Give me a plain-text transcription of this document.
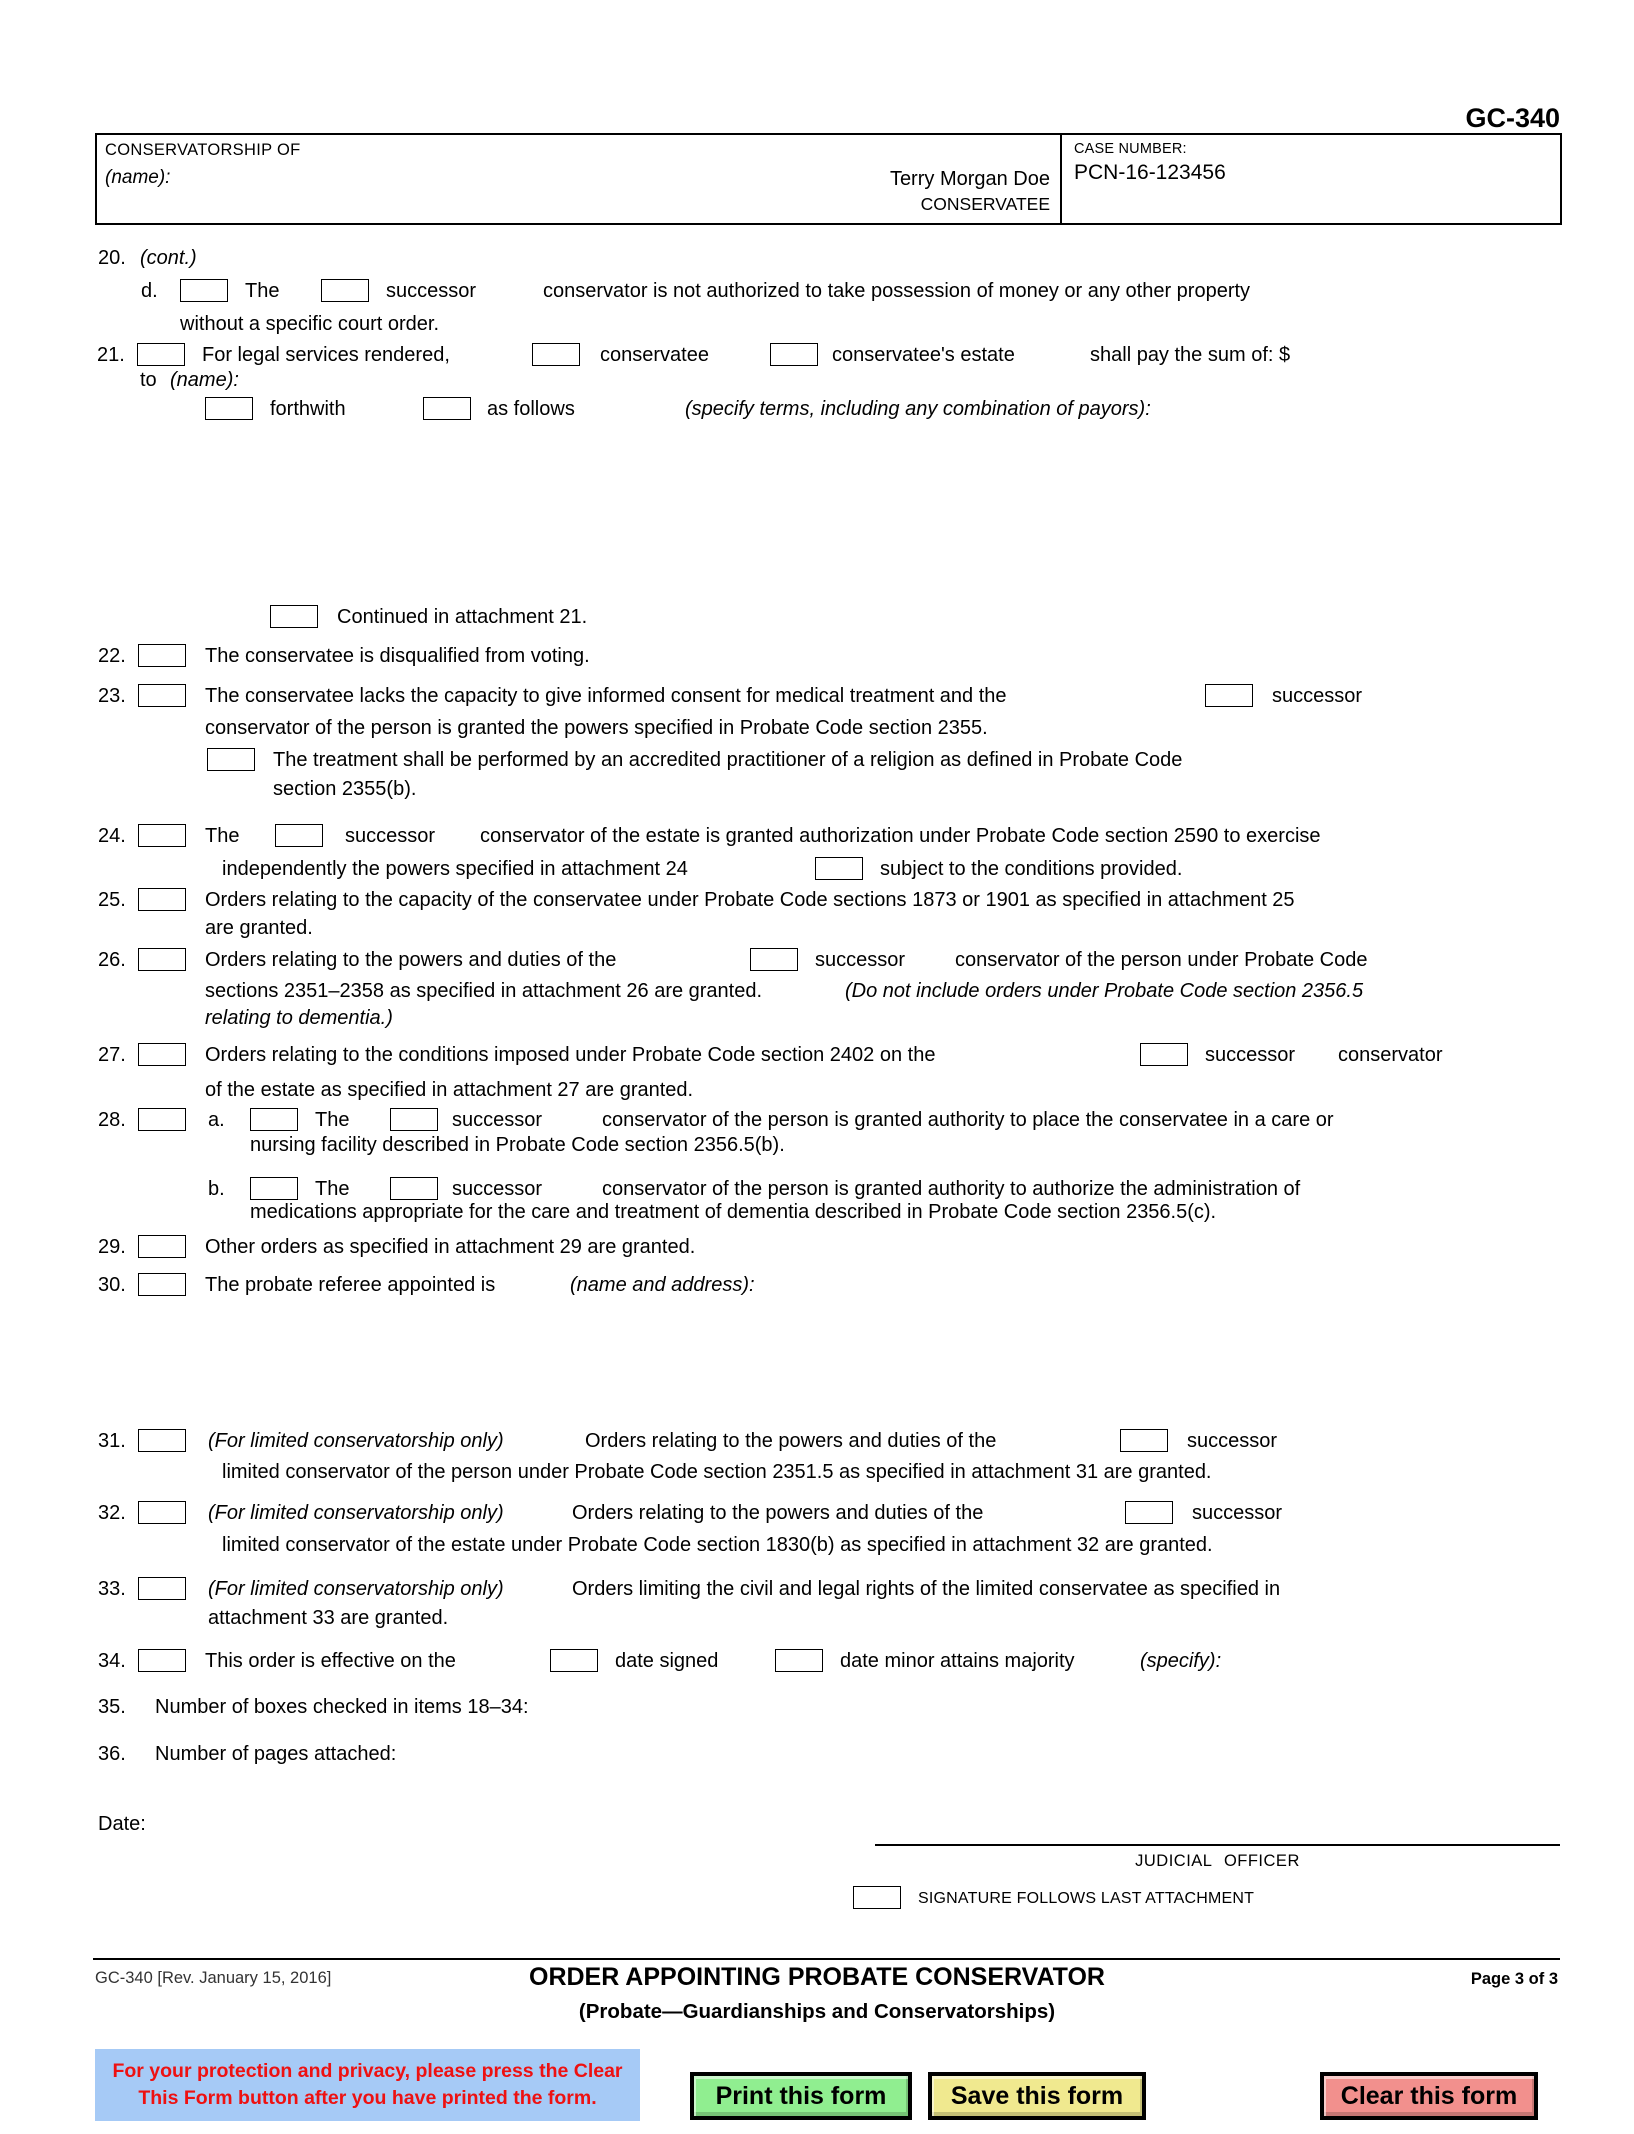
GC-340
CONSERVATORSHIP OF
(name):	Terry Morgan Doe
CONSERVATEE
CASE NUMBER:
PCN-16-123456
20. (cont.)
d.	The	successor	conservator is not authorized to take possession of money or any other property
without a specific court order.
21.	For legal services rendered,	conservatee	conservatee's estate	shall pay the sum of: $
to (name):
forthwith	as follows	(specify terms, including any combination of payors):
Continued in attachment 21.
22.	The conservatee is disqualified from voting.
23.	The conservatee lacks the capacity to give informed consent for medical treatment and the	successor
conservator of the person is granted the powers specified in Probate Code section 2355.
The treatment shall be performed by an accredited practitioner of a religion as defined in Probate Code
section 2355(b).
24.	The	successor conservator of the estate is granted authorization under Probate Code section 2590 to exercise
independently the powers specified in attachment 24	subject to the conditions provided.
25.	Orders relating to the capacity of the conservatee under Probate Code sections 1873 or 1901 as specified in attachment 25
are granted.
26.	Orders relating to the powers and duties of the	successor conservator of the person under Probate Code
sections 2351–2358 as specified in attachment 26 are granted.	(Do not include orders under Probate Code section 2356.5
relating to dementia.)
27.	Orders relating to the conditions imposed under Probate Code section 2402 on the	successor conservator
of the estate as specified in attachment 27 are granted.
28.	a.	The	successor	conservator of the person is granted authority to place the conservatee in a care or
nursing facility described in Probate Code section 2356.5(b).
b.	The	successor	conservator of the person is granted authority to authorize the administration of
medications appropriate for the care and treatment of dementia described in Probate Code section 2356.5(c).
29.	Other orders as specified in attachment 29 are granted.
30.	The probate referee appointed is	(name and address):
31.	(For limited conservatorship only)	Orders relating to the powers and duties of the	successor
limited conservator of the person under Probate Code section 2351.5 as specified in attachment 31 are granted.
32.	(For limited conservatorship only)	Orders relating to the powers and duties of the	successor
limited conservator of the estate under Probate Code section 1830(b) as specified in attachment 32 are granted.
33.	(For limited conservatorship only)	Orders limiting the civil and legal rights of the limited conservatee as specified in
attachment 33 are granted.
34.	This order is effective on the	date signed	date minor attains majority	(specify):
35. Number of boxes checked in items 18–34:
36. Number of pages attached:
Date:
JUDICIAL OFFICER
SIGNATURE FOLLOWS LAST ATTACHMENT
GC-340 [Rev. January 15, 2016]	ORDER APPOINTING PROBATE CONSERVATOR	Page 3 of 3
(Probate—Guardianships and Conservatorships)
For your protection and privacy, please press the Clear
This Form button after you have printed the form.	Print this form	Save this form	Clear this form
